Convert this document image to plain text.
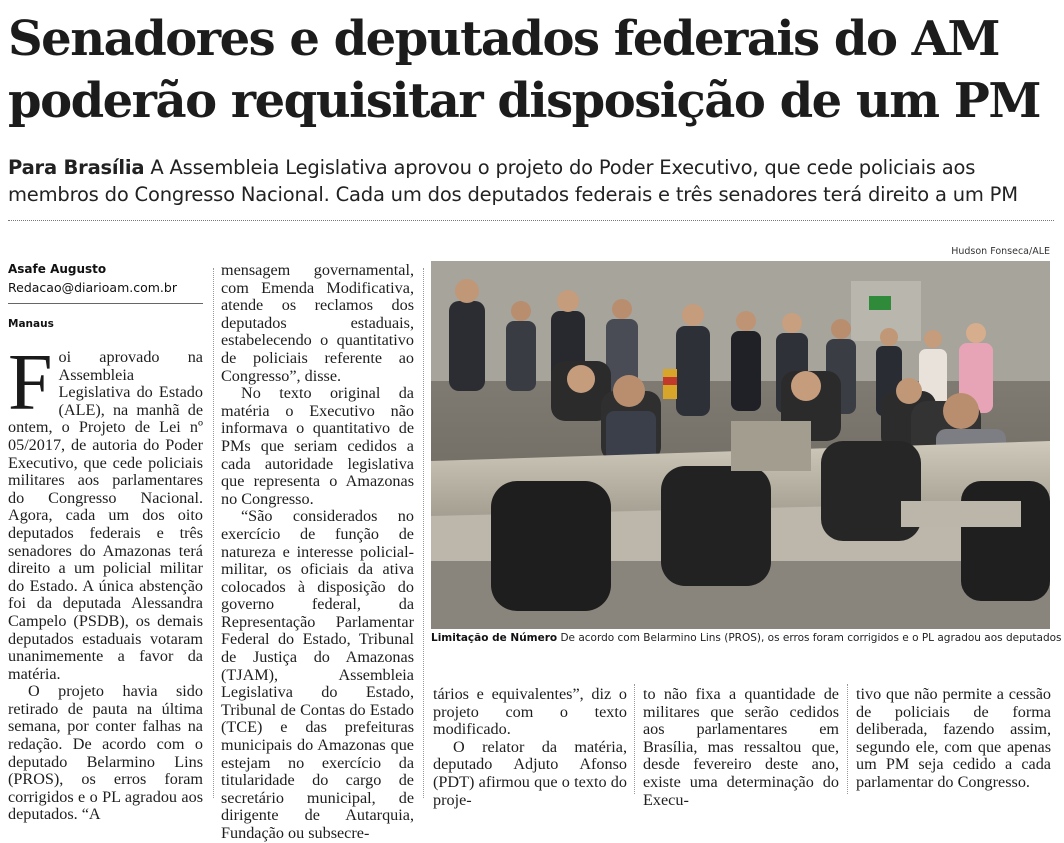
Senadores e deputados federais do AM
poderão requisitar disposição de um PM

Para Brasília A Assembleia Legislativa aprovou o projeto do Poder Executivo, que cede policiais aos membros do Congresso Nacional. Cada um dos deputados federais e três senadores terá direito a um PM

Asafe Augusto
Redacao@diarioam.com.br
Manaus

Foi aprovado na Assembleia Legislativa do Estado (ALE), na manhã de ontem, o Projeto de Lei nº 05/2017, de autoria do Poder Executivo, que cede policiais militares aos parlamentares do Congresso Nacional. Agora, cada um dos oito deputados federais e três senadores do Amazonas terá direito a um policial militar do Estado. A única abstenção foi da deputada Alessandra Campelo (PSDB), os demais deputados estaduais votaram unanimemente a favor da matéria.

O projeto havia sido retirado de pauta na última semana, por conter falhas na redação. De acordo com o deputado Belarmino Lins (PROS), os erros foram corrigidos e o PL agradou aos deputados. “A

mensagem governamental, com Emenda Modificativa, atende os reclamos dos deputados estaduais, estabelecendo o quantitativo de policiais referente ao Congresso”, disse.

No texto original da matéria o Executivo não informava o quantitativo de PMs que seriam cedidos a cada autoridade legislativa que representa o Amazonas no Congresso.

“São considerados no exercício de função de natureza e interesse policial-militar, os oficiais da ativa colocados à disposição do governo federal, da Representação Parlamentar Federal do Estado, Tribunal de Justiça do Amazonas (TJAM), Assembleia Legislativa do Estado, Tribunal de Contas do Estado (TCE) e das prefeituras municipais do Amazonas que estejam no exercício da titularidade do cargo de secretário municipal, de dirigente de Autarquia, Fundação ou subsecre-

Hudson Fonseca/ALE
Limitação de Número De acordo com Belarmino Lins (PROS), os erros foram corrigidos e o PL agradou aos deputados

tários e equivalentes”, diz o projeto com o texto modificado.

O relator da matéria, deputado Adjuto Afonso (PDT) afirmou que o texto do proje-

to não fixa a quantidade de militares que serão cedidos aos parlamentares em Brasília, mas ressaltou que, desde fevereiro deste ano, existe uma determinação do Execu-

tivo que não permite a cessão de policiais de forma deliberada, fazendo assim, segundo ele, com que apenas um PM seja cedido a cada parlamentar do Congresso.
